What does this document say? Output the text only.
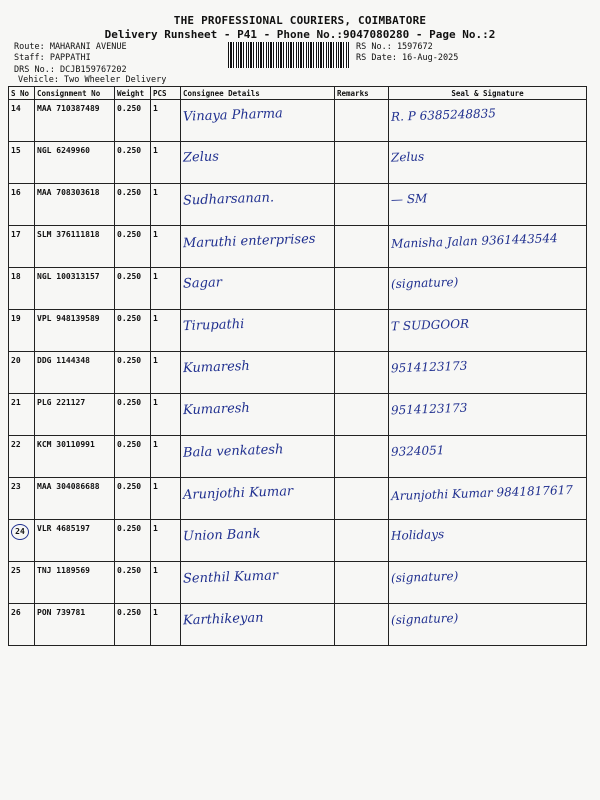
THE PROFESSIONAL COURIERS, COIMBATORE
Delivery Runsheet - P41 - Phone No.:9047080280 - Page No.:2
Route: MAHARANI AVENUE
Staff: PAPPATHI
DRS No.: DCJB159767202
Vehicle: Two Wheeler Delivery
RS No.: 1597672
RS Date: 16-Aug-2025
S No	Consignment No	Weight	PCS	Consignee Details	Remarks	Seal & Signature
14	MAA 710387489	0.250	1	Vinaya Pharma		R. P 6385248835
15	NGL 6249960	0.250	1	Zelus		Zelus
16	MAA 708303618	0.250	1	Sudharsanan.		— SM
17	SLM 376111818	0.250	1	Maruthi enterprises		Manisha Jalan 9361443544
18	NGL 100313157	0.250	1	Sagar		(signature)
19	VPL 948139589	0.250	1	Tirupathi		T SUDGOOR
20	DDG 1144348	0.250	1	Kumaresh		9514123173
21	PLG 221127	0.250	1	Kumaresh		9514123173
22	KCM 30110991	0.250	1	Bala venkatesh		9324051
23	MAA 304086688	0.250	1	Arunjothi Kumar		Arunjothi Kumar 9841817617
24	VLR 4685197	0.250	1	Union Bank		Holidays
25	TNJ 1189569	0.250	1	Senthil Kumar		(signature)
26	PON 739781	0.250	1	Karthikeyan		(signature)
